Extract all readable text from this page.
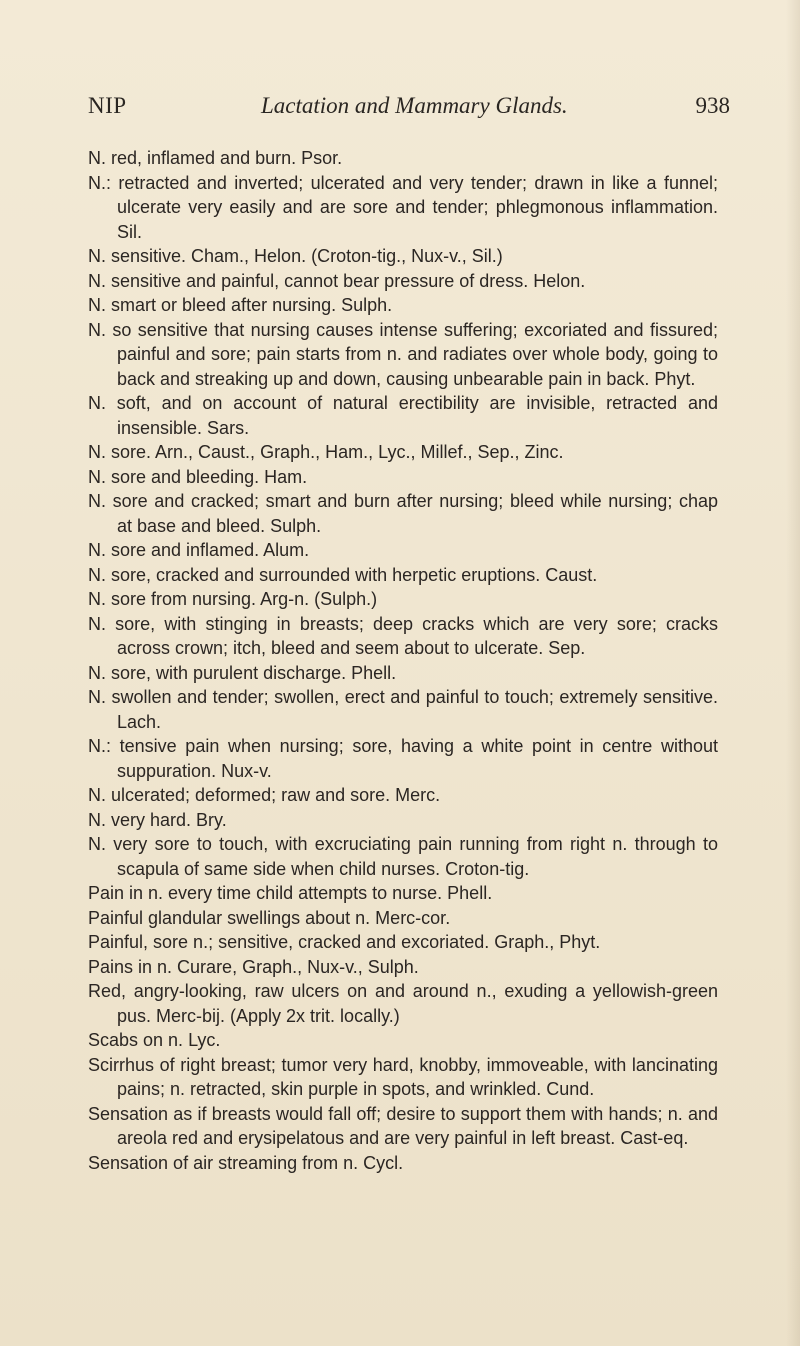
NIP	Lactation and Mammary Glands.	938

N. red, inflamed and burn. Psor.

N.: retracted and inverted; ulcerated and very tender; drawn in like a funnel; ulcerate very easily and are sore and tender; phlegmonous inflammation. Sil.

N. sensitive. Cham., Helon. (Croton-tig., Nux-v., Sil.)

N. sensitive and painful, cannot bear pressure of dress. Helon.

N. smart or bleed after nursing. Sulph.

N. so sensitive that nursing causes intense suffering; excoriated and fissured; painful and sore; pain starts from n. and radiates over whole body, going to back and streaking up and down, causing unbearable pain in back. Phyt.

N. soft, and on account of natural erectibility are invisible, retracted and insensible. Sars.

N. sore. Arn., Caust., Graph., Ham., Lyc., Millef., Sep., Zinc.

N. sore and bleeding. Ham.

N. sore and cracked; smart and burn after nursing; bleed while nursing; chap at base and bleed. Sulph.

N. sore and inflamed. Alum.

N. sore, cracked and surrounded with herpetic eruptions. Caust.

N. sore from nursing. Arg-n. (Sulph.)

N. sore, with stinging in breasts; deep cracks which are very sore; cracks across crown; itch, bleed and seem about to ulcerate. Sep.

N. sore, with purulent discharge. Phell.

N. swollen and tender; swollen, erect and painful to touch; extremely sensitive. Lach.

N.: tensive pain when nursing; sore, having a white point in centre without suppuration. Nux-v.

N. ulcerated; deformed; raw and sore. Merc.

N. very hard. Bry.

N. very sore to touch, with excruciating pain running from right n. through to scapula of same side when child nurses. Croton-tig.

Pain in n. every time child attempts to nurse. Phell.

Painful glandular swellings about n. Merc-cor.

Painful, sore n.; sensitive, cracked and excoriated. Graph., Phyt.

Pains in n. Curare, Graph., Nux-v., Sulph.

Red, angry-looking, raw ulcers on and around n., exuding a yellowish-green pus. Merc-bij. (Apply 2x trit. locally.)

Scabs on n. Lyc.

Scirrhus of right breast; tumor very hard, knobby, immoveable, with lancinating pains; n. retracted, skin purple in spots, and wrinkled. Cund.

Sensation as if breasts would fall off; desire to support them with hands; n. and areola red and erysipelatous and are very painful in left breast. Cast-eq.

Sensation of air streaming from n. Cycl.
